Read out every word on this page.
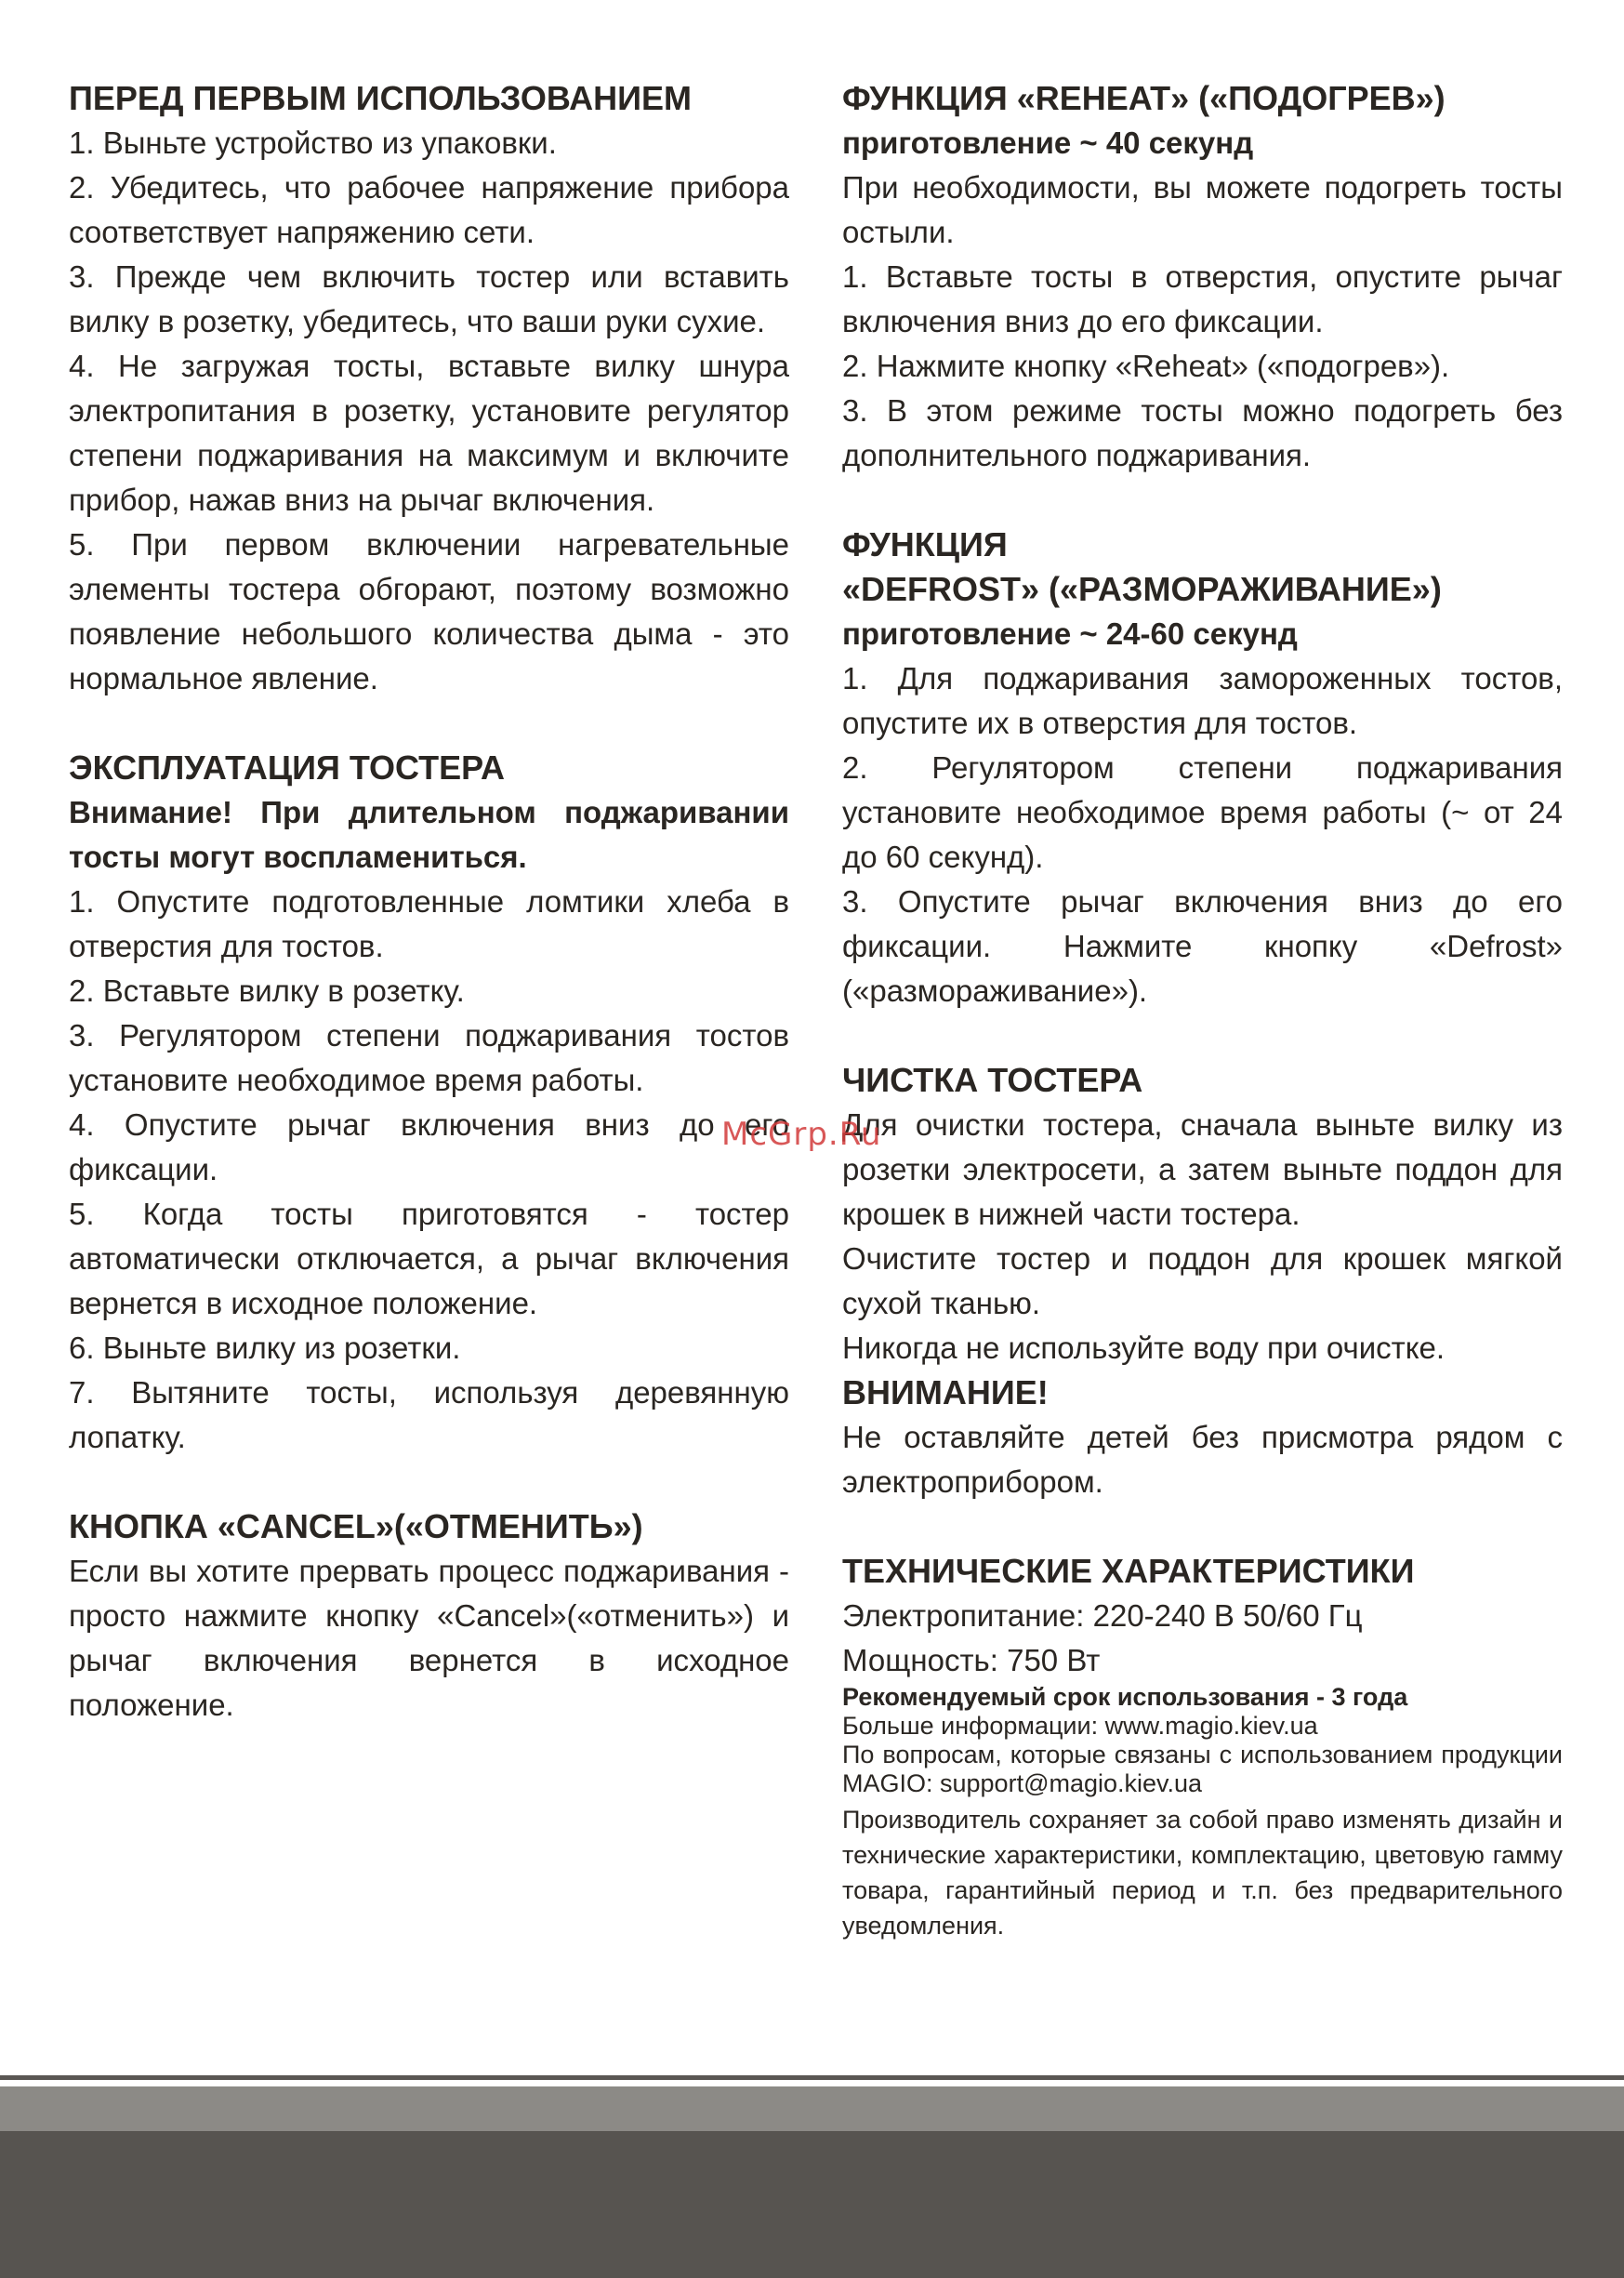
ПЕРЕД ПЕРВЫМ ИСПОЛЬЗОВАНИЕМ

1. Выньте устройство из упаковки.

2. Убедитесь, что рабочее напряжение прибора соответствует напряжению сети.

3. Прежде чем включить тостер или вставить вилку в розетку, убедитесь, что ваши руки сухие.

4. Не загружая тосты, вставьте вилку шнура электропитания в розетку, установите регулятор степени поджаривания на максимум и включите прибор, нажав вниз на рычаг включения.

5. При первом включении нагревательные элементы тостера обгорают, поэтому возможно появление небольшого количества дыма - это нормальное явление.

ЭКСПЛУАТАЦИЯ ТОСТЕРА

Внимание! При длительном поджаривании тосты могут воспламениться.

1. Опустите подготовленные ломтики хлеба в отверстия для тостов.

2. Вставьте вилку в розетку.

3. Регулятором степени поджаривания тостов установите необходимое время работы.

4. Опустите рычаг включения вниз до его фиксации.

5. Когда тосты приготовятся - тостер автоматически отключается, а рычаг включения вернется в исходное положение.

6. Выньте вилку из розетки.

7. Вытяните тосты, используя деревянную лопатку.

КНОПКА «CANCEL»(«ОТМЕНИТЬ»)

Если вы хотите прервать процесс поджаривания - просто нажмите кнопку «Cancel»(«отменить») и рычаг включения вернется в исходное положение.

ФУНКЦИЯ «REHEAT» («ПОДОГРЕВ»)

приготовление ~ 40 секунд

При необходимости, вы можете подогреть тосты остыли.

1. Вставьте тосты в отверстия, опустите рычаг включения вниз до его фиксации.

2. Нажмите кнопку «Reheat» («подогрев»).

3. В этом режиме тосты можно подогреть без дополнительного поджаривания.

ФУНКЦИЯ

«DEFROST» («РАЗМОРАЖИВАНИЕ»)

приготовление ~ 24-60 секунд

1. Для поджаривания замороженных тостов, опустите их в отверстия для тостов.

2. Регулятором степени поджаривания установите необходимое время работы (~ от 24 до 60 секунд).

3. Опустите рычаг включения вниз до его фиксации. Нажмите кнопку «Defrost» («размораживание»).

ЧИСТКА ТОСТЕРА

Для очистки тостера, сначала выньте вилку из розетки электросети, а затем выньте поддон для крошек в нижней части тостера.

Очистите тостер и поддон для крошек мягкой сухой тканью.

Никогда не используйте воду при очистке.

ВНИМАНИЕ!

Не оставляйте детей без присмотра рядом с электроприбором.

ТЕХНИЧЕСКИЕ ХАРАКТЕРИСТИКИ

Электропитание: 220-240 В 50/60 Гц

Мощность: 750 Вт

Рекомендуемый срок использования - 3 года

Больше информации: www.magio.kiev.ua

По вопросам, которые связаны с использованием продукции MAGIO: support@magio.kiev.ua

Производитель сохраняет за собой право изменять дизайн и технические характеристики, комплектацию, цветовую гамму товара, гарантийный период и т.п. без предварительного уведомления.

McGrp.Ru
